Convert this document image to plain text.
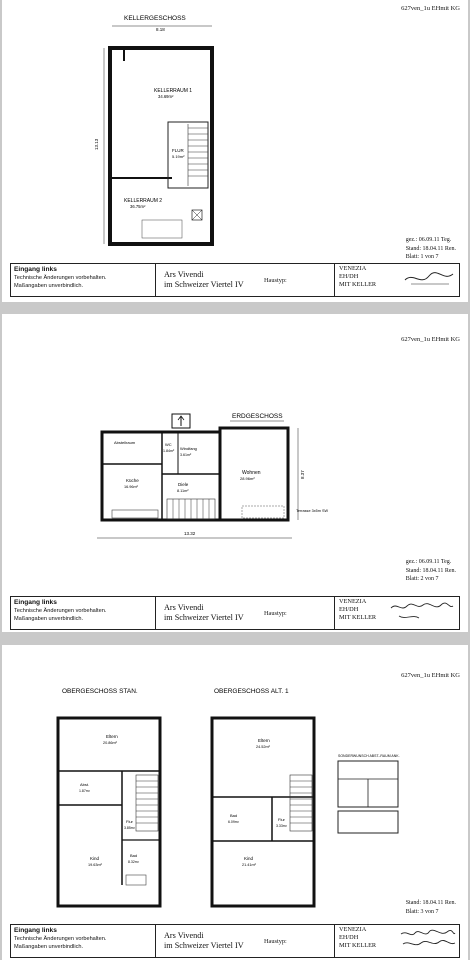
627ven_1u EHmit KG
KELLERGESCHOSS
8.18
13.13
KELLERRAUM 1
34.69m²
FLUR
5.19m²
KELLERRAUM 2
36.75m²
gez.: 06.09.11 Teg.
Stand: 18.04.11 Ren.
Blatt: 1 von 7
Eingang links
Technische Änderungen vorbehalten.
Maßangaben unverbindlich.
Ars Vivendi
im Schweizer Viertel IV	Haustyp:
VENEZIA
EH/DH
MIT KELLER
627ven_1u EHmit KG
ERDGESCHOSS
13.32
8.37
Abstellraum	WC
1.84m² Windfang
3.61m²
Küche
16.96m²	Diele
8.11m²
Wohnen
28.96m²
Terrasse 3x5m SW
gez.: 06.09.11 Teg.
Stand: 18.04.11 Ren.
Blatt: 2 von 7
Eingang links
Technische Änderungen vorbehalten.
Maßangaben unverbindlich.
Ars Vivendi
im Schweizer Viertel IV	Haustyp:
VENEZIA
EH/DH
MIT KELLER
627ven_1u EHmit KG
OBERGESCHOSS STAN.	OBERGESCHOSS ALT. 1
SONDERWUNSCH ABST.-RAUM ANK.
Eltern
20.86m²
Abst.
1.87m²
Flur
3.85m²
Kind
19.63m²
Bad
8.32m²
Eltern
24.52m²
Bad
6.09m²	Flur
3.33m²
Kind
21.41m²
Stand: 18.04.11 Ren.
Blatt: 3 von 7
Eingang links
Technische Änderungen vorbehalten.
Maßangaben unverbindlich.
Ars Vivendi
im Schweizer Viertel IV	Haustyp:
VENEZIA
EH/DH
MIT KELLER
